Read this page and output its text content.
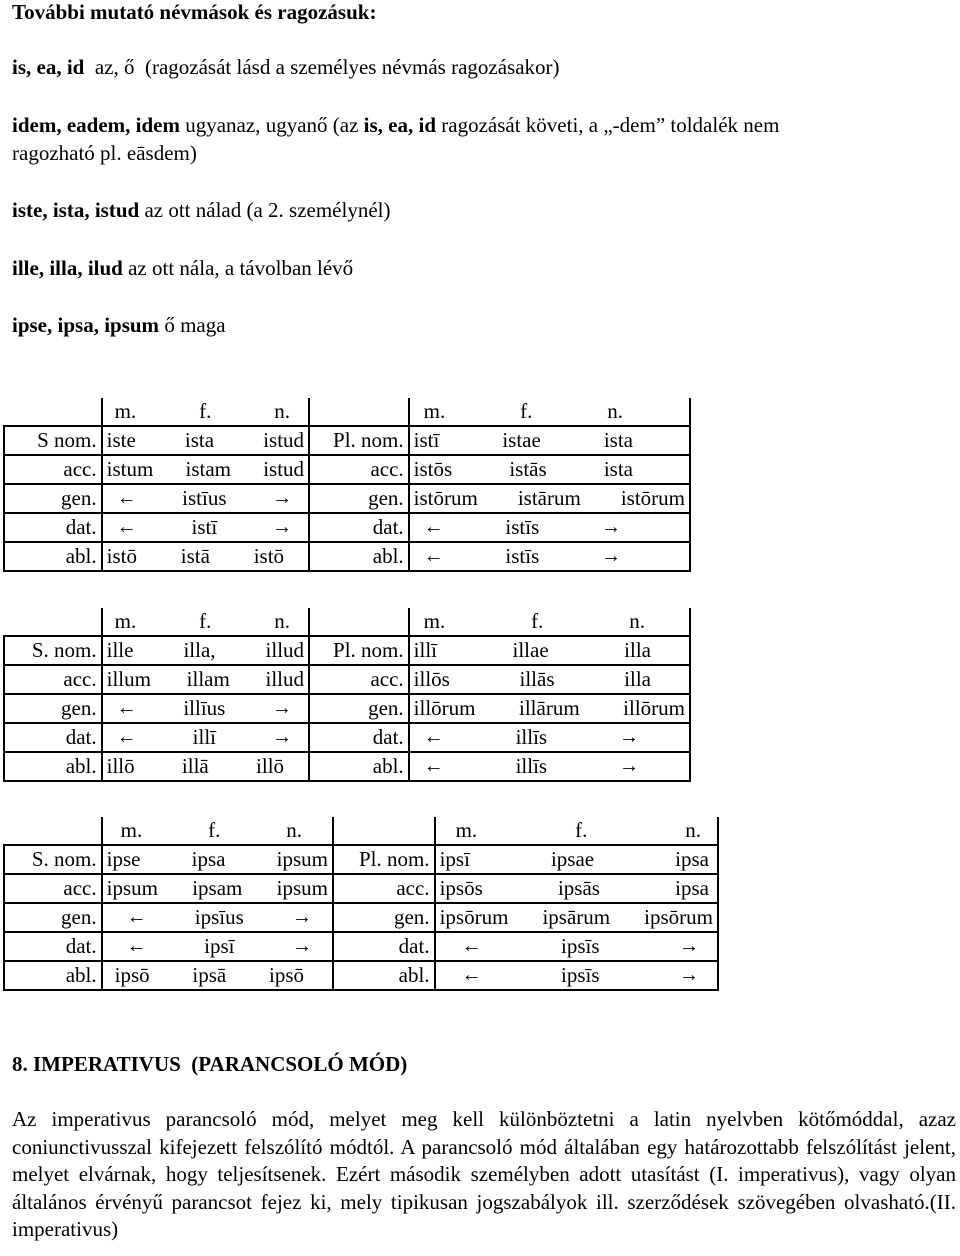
További mutató névmások és ragozásuk:
is, ea, id  az, ő  (ragozását lásd a személyes névmás ragozásakor)
idem, eadem, idem ugyanaz, ugyanő (az is, ea, id ragozását követi, a „-dem” toldalék nem
ragozható pl. eāsdem)
iste, ista, istud az ott nálad (a 2. személynél)
ille, illa, ilud az ott nála, a távolban lévő
ipse, ipsa, ipsum ő maga

	m. f. n.		m. f. n.

S nom.	iste ista istud	Pl. nom.	istī istae ista

acc.	istum istam istud	acc.	istōs istās ista

gen.	← istīus →	gen.	istōrum istārum istōrum

dat.	← istī →	dat.	← istīs →

abl.	istō istā istō	abl.	← istīs →

	m. f. n.		m. f. n.

S. nom.	ille illa, illud	Pl. nom.	illī illae illa

acc.	illum illam illud	acc.	illōs illās illa

gen.	← illīus →	gen.	illōrum illārum illōrum

dat.	← illī →	dat.	← illīs →

abl.	illō illā illō	abl.	← illīs →

	m. f. n.		m. f. n.

S. nom.	ipse ipsa ipsum	Pl. nom.	ipsī ipsae ipsa

acc.	ipsum ipsam ipsum	acc.	ipsōs ipsās ipsa

gen.	← ipsīus →	gen.	ipsōrum ipsārum ipsōrum

dat.	← ipsī →	dat.	← ipsīs →

abl.	ipsō ipsā ipsō	abl.	← ipsīs →
8. IMPERATIVUS  (PARANCSOLÓ MÓD)
Az imperativus parancsoló mód, melyet meg kell különböztetni a latin nyelvben kötőmóddal, azaz coniunctivusszal kifejezett felszólító módtól. A parancsoló mód általában egy határozottabb felszólítást jelent, melyet elvárnak, hogy teljesítsenek. Ezért második személyben adott utasítást (I. imperativus), vagy olyan általános érvényű parancsot fejez ki, mely tipikusan jogszabályok ill. szerződések szövegében olvasható.(II. imperativus)
